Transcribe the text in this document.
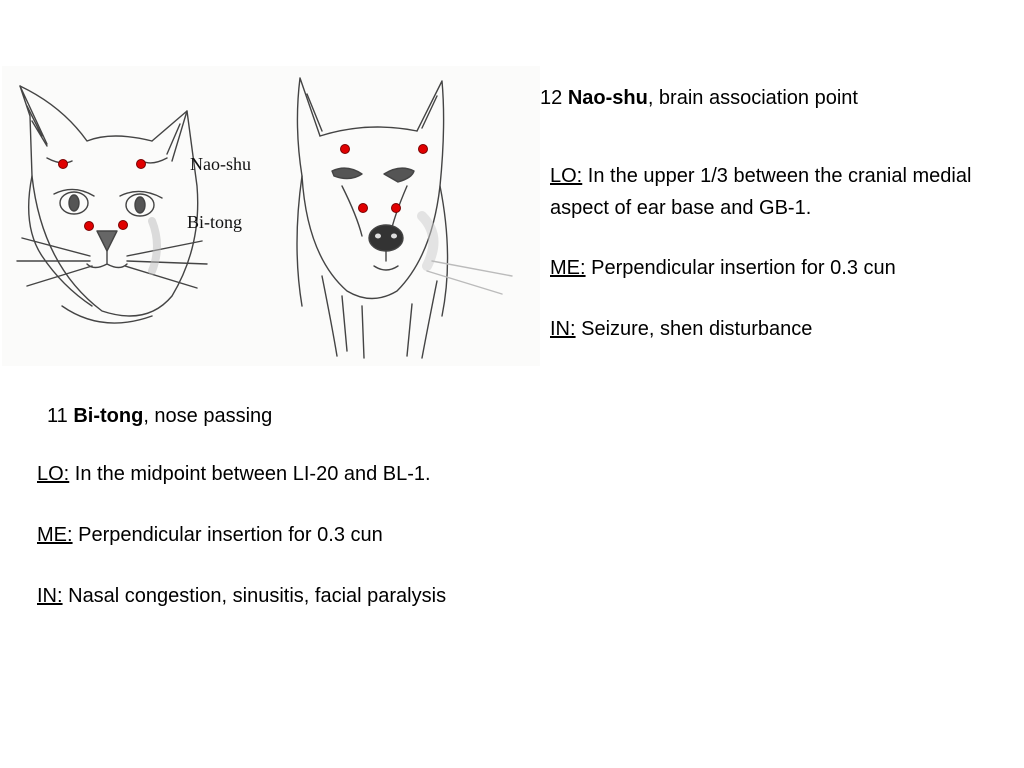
Nao-shu
Bi-tong
12 Nao-shu, brain association point
LO: In the upper 1/3 between the cranial medial aspect of ear base and GB-1.
ME: Perpendicular insertion for 0.3 cun
IN: Seizure, shen disturbance
11 Bi-tong, nose passing
LO: In the midpoint between LI-20 and BL-1.
ME: Perpendicular insertion for 0.3 cun
IN: Nasal congestion, sinusitis, facial paralysis
